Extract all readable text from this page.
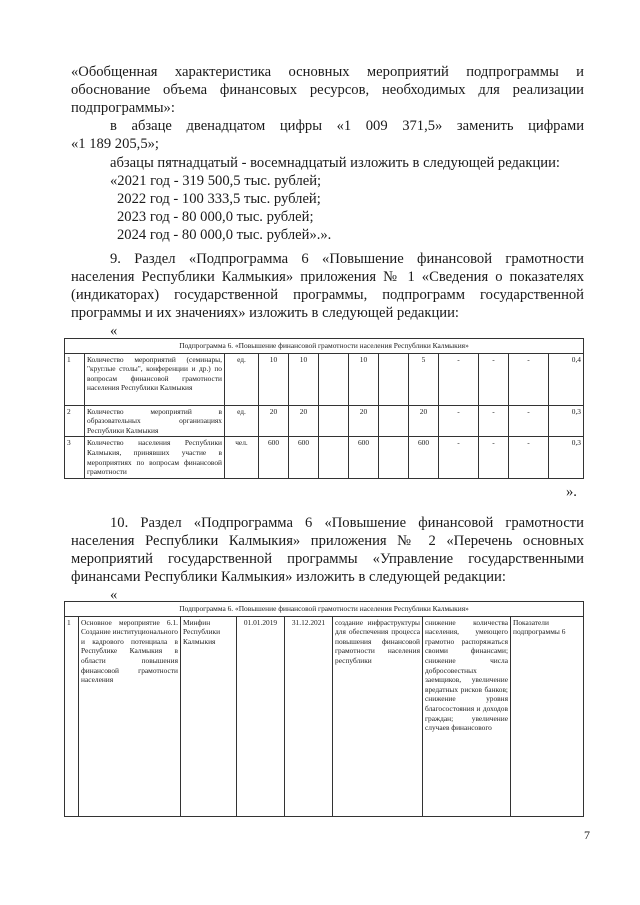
«Обобщенная характеристика основных мероприятий подпрограммы и
обоснование объема финансовых ресурсов, необходимых для реализации
подпрограммы»:
в абзаце двенадцатом цифры «1 009 371,5» заменить цифрами
«1 189 205,5»;
абзацы пятнадцатый - восемнадцатый изложить в следующей редакции:
«2021 год - 319 500,5 тыс. рублей;
2022 год - 100 333,5 тыс. рублей;
2023 год - 80 000,0 тыс. рублей;
2024 год - 80 000,0 тыс. рублей».».
9. Раздел «Подпрограмма 6 «Повышение финансовой грамотности
населения Республики Калмыкия» приложения № 1 «Сведения о показателях
(индикаторах) государственной программы, подпрограмм государственной
программы и их значениях» изложить в следующей редакции:
«
Подпрограмма 6. «Повышение финансовой грамотности населения Республики Калмыкия»												
1	Количество мероприятий (семинары, "круглые столы", конференции и др.) по вопросам финансовой грамотности населения Республики Калмыкия	ед.	10	10		10		5	-	-	-	0,4
2	Количество мероприятий в образовательных организациях Республики Калмыкия	ед.	20	20		20		20	-	-	-	0,3
3	Количество населения Республики Калмыкия, принявших участие в мероприятиях по вопросам финансовой грамотности	чел.	600	600		600		600	-	-	-	0,3
».
10. Раздел «Подпрограмма 6 «Повышение финансовой грамотности
населения Республики Калмыкия» приложения № 2 «Перечень основных
мероприятий государственной программы «Управление государственными
финансами Республики Калмыкия» изложить в следующей редакции:
«
Подпрограмма 6. «Повышение финансовой грамотности населения Республики Калмыкия»
1	Основное мероприятие 6.1. Создание институционального и кадрового потенциала в Республике Калмыкия в области повышения финансовой грамотности населения	Минфин Республики Калмыкия	01.01.2019	31.12.2021	создание инфраструктуры для обеспечения процесса повышения финансовой грамотности населения республики	снижение количества населения, умеющего грамотно распоряжаться своими финансами; снижение числа добросовестных заемщиков, увеличение вредатных рисков банков; снижение уровня благосостояния и доходов граждан; увеличение случаев финансового	Показатели подпрограммы 6
7
